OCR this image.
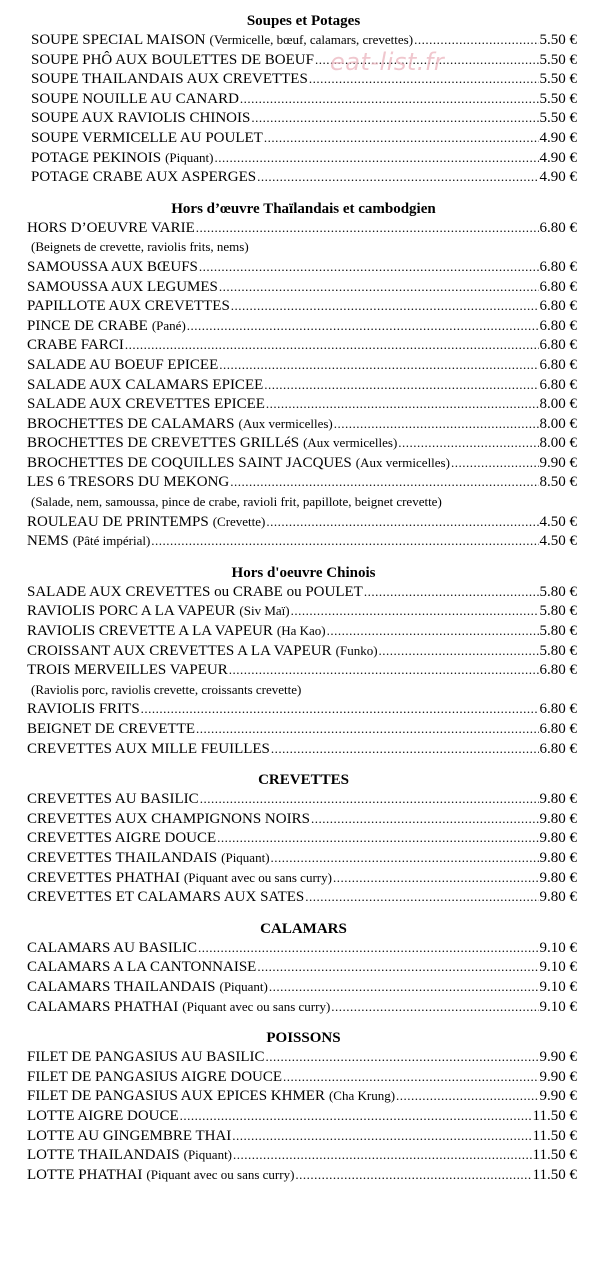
Soupes et Potages
SOUPE SPECIAL MAISON (Vermicelle, bœuf, calamars, crevettes) .....	5.50 €
SOUPE PHÔ AUX BOULETTES DE BOEUF .....	5.50 €
SOUPE THAILANDAIS AUX CREVETTES .....	5.50 €
SOUPE NOUILLE AU CANARD .....	5.50 €
SOUPE AUX RAVIOLIS CHINOIS .....	5.50 €
SOUPE VERMICELLE AU POULET .....	4.90 €
POTAGE PEKINOIS (Piquant) .....	4.90 €
POTAGE CRABE AUX ASPERGES .....	4.90 €
Hors d’œuvre Thaïlandais et cambodgien
HORS D’OEUVRE VARIE .....	6.80 €
(Beignets de crevette, raviolis frits, nems)
SAMOUSSA AUX BŒUFS .....	6.80 €
SAMOUSSA AUX LEGUMES .....	6.80 €
PAPILLOTE AUX CREVETTES .....	6.80 €
PINCE DE CRABE (Pané) .....	6.80 €
CRABE FARCI .....	6.80 €
SALADE AU BOEUF EPICEE .....	6.80 €
SALADE AUX CALAMARS EPICEE .....	6.80 €
SALADE AUX CREVETTES EPICEE .....	8.00 €
BROCHETTES DE CALAMARS (Aux vermicelles) .....	8.00 €
BROCHETTES DE CREVETTES GRILLéS (Aux vermicelles) .....	8.00 €
BROCHETTES DE COQUILLES SAINT JACQUES (Aux vermicelles) .....	9.90 €
LES 6 TRESORS DU MEKONG .....	8.50 €
(Salade, nem, samoussa, pince de crabe, ravioli frit, papillote, beignet crevette)
ROULEAU DE PRINTEMPS (Crevette) .....	4.50 €
NEMS (Pâté impérial) .....	4.50 €
Hors d'oeuvre Chinois
SALADE AUX CREVETTES ou CRABE ou POULET .....	5.80 €
RAVIOLIS PORC A LA VAPEUR (Siv Maï) .....	5.80 €
RAVIOLIS CREVETTE A LA VAPEUR (Ha Kao) .....	5.80 €
CROISSANT AUX CREVETTES A LA VAPEUR (Funko) .....	5.80 €
TROIS MERVEILLES VAPEUR .....	6.80 €
(Raviolis porc, raviolis crevette, croissants crevette)
RAVIOLIS FRITS .....	6.80 €
BEIGNET DE CREVETTE .....	6.80 €
CREVETTES AUX MILLE FEUILLES .....	6.80 €
CREVETTES
CREVETTES AU BASILIC .....	9.80 €
CREVETTES AUX CHAMPIGNONS NOIRS .....	9.80 €
CREVETTES AIGRE DOUCE .....	9.80 €
CREVETTES THAILANDAIS (Piquant) .....	9.80 €
CREVETTES PHATHAI (Piquant avec ou sans curry) .....	9.80 €
CREVETTES ET CALAMARS AUX SATES .....	9.80 €
CALAMARS
CALAMARS AU BASILIC .....	9.10 €
CALAMARS A LA CANTONNAISE .....	9.10 €
CALAMARS THAILANDAIS (Piquant) .....	9.10 €
CALAMARS PHATHAI (Piquant avec ou sans curry) .....	9.10 €
POISSONS
FILET DE PANGASIUS AU BASILIC .....	9.90 €
FILET DE PANGASIUS AIGRE DOUCE .....	9.90 €
FILET DE PANGASIUS AUX EPICES KHMER (Cha Krung) .....	9.90 €
LOTTE AIGRE DOUCE .....	11.50 €
LOTTE AU GINGEMBRE THAI .....	11.50 €
LOTTE THAILANDAIS (Piquant) .....	11.50 €
LOTTE PHATHAI (Piquant avec ou sans curry) .....	11.50 €
eat-list.fr
